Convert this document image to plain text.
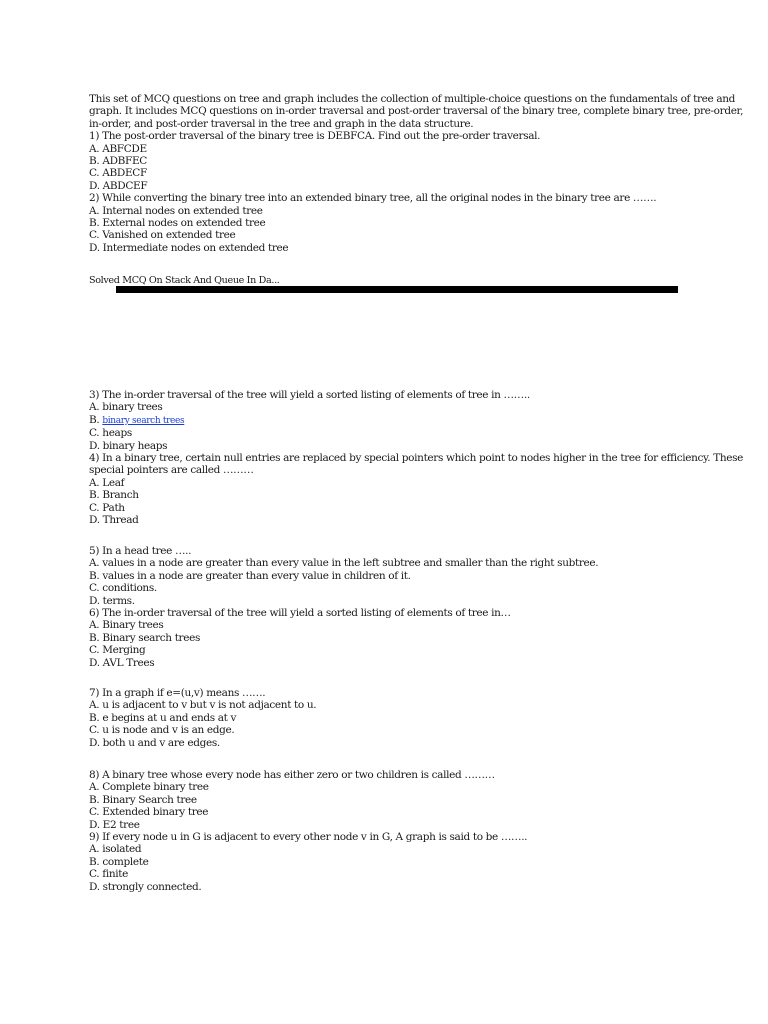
This set of MCQ questions on tree and graph includes the collection of multiple-choice questions on the fundamentals of tree and

graph. It includes MCQ questions on in-order traversal and post-order traversal of the binary tree, complete binary tree, pre-order,

in-order, and post-order traversal in the tree and graph in the data structure.

1) The post-order traversal of the binary tree is DEBFCA. Find out the pre-order traversal.

A. ABFCDE

B. ADBFEC

C. ABDECF

D. ABDCEF

2) While converting the binary tree into an extended binary tree, all the original nodes in the binary tree are …….

A. Internal nodes on extended tree

B. External nodes on extended tree

C. Vanished on extended tree

D. Intermediate nodes on extended tree

Solved MCQ On Stack And Queue In Da...

3) The in-order traversal of the tree will yield a sorted listing of elements of tree in ……..

A. binary trees

B. binary search trees

C. heaps

D. binary heaps

4) In a binary tree, certain null entries are replaced by special pointers which point to nodes higher in the tree for efficiency. These

special pointers are called ………

A. Leaf

B. Branch

C. Path

D. Thread

5) In a head tree …..

A. values in a node are greater than every value in the left subtree and smaller than the right subtree.

B. values in a node are greater than every value in children of it.

C. conditions.

D. terms.

6) The in-order traversal of the tree will yield a sorted listing of elements of tree in…

A. Binary trees

B. Binary search trees

C. Merging

D. AVL Trees

7) In a graph if e=(u,v) means …….

A. u is adjacent to v but v is not adjacent to u.

B. e begins at u and ends at v

C. u is node and v is an edge.

D. both u and v are edges.

8) A binary tree whose every node has either zero or two children is called ………

A. Complete binary tree

B. Binary Search tree

C. Extended binary tree

D. E2 tree

9) If every node u in G is adjacent to every other node v in G, A graph is said to be ……..

A. isolated

B. complete

C. finite

D. strongly connected.
